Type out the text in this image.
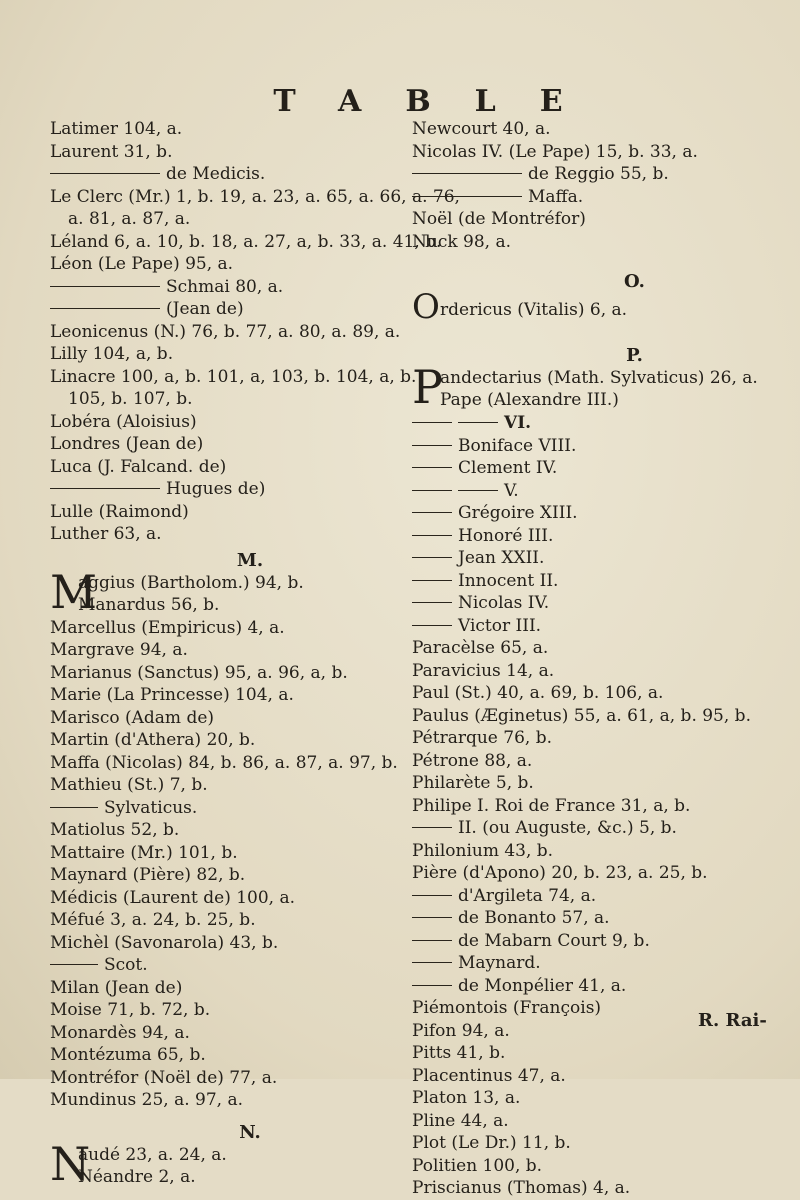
TABLE
Latimer 104, a.
Laurent 31, b.
de Medicis.
Le Clerc (Mr.) 1, b. 19, a. 23, a. 65, a. 66, a. 76,
a. 81, a. 87, a.
Léland 6, a. 10, b. 18, a. 27, a, b. 33, a. 41, b.
Léon (Le Pape) 95, a.
Schmai 80, a.
(Jean de)
Leonicenus (N.) 76, b. 77, a. 80, a. 89, a.
Lilly 104, a, b.
Linacre 100, a, b. 101, a, 103, b. 104, a, b.
105, b. 107, b.
Lobéra (Aloisius)
Londres (Jean de)
Luca (J. Falcand. de)
Hugues de)
Lulle (Raimond)
Luther 63, a.
M.
M
aggius (Bartholom.) 94, b.
Manardus 56, b.
Marcellus (Empiricus) 4, a.
Margrave 94, a.
Marianus (Sanctus) 95, a. 96, a, b.
Marie (La Princesse) 104, a.
Marisco (Adam de)
Martin (d'Athera) 20, b.
Maffa (Nicolas) 84, b. 86, a. 87, a. 97, b.
Mathieu (St.) 7, b.
Sylvaticus.
Matiolus 52, b.
Mattaire (Mr.) 101, b.
Maynard (Pière) 82, b.
Médicis (Laurent de) 100, a.
Méfué 3, a. 24, b. 25, b.
Michèl (Savonarola) 43, b.
Scot.
Milan (Jean de)
Moise 71, b. 72, b.
Monardès 94, a.
Montézuma 65, b.
Montréfor (Noël de) 77, a.
Mundinus 25, a. 97, a.
N.
N
audé 23, a. 24, a.
Néandre 2, a.
Newcourt 40, a.
Nicolas IV. (Le Pape) 15, b. 33, a.
de Reggio 55, b.
Maffa.
Noël (de Montréfor)
Nuck 98, a.
O.
O rdericus (Vitalis) 6, a.
P.
P
andectarius (Math. Sylvaticus) 26, a.
Pape (Alexandre III.)
VI.
Boniface VIII.
Clement IV.
V.
Grégoire XIII.
Honoré III.
Jean XXII.
Innocent II.
Nicolas IV.
Victor III.
Paracèlse 65, a.
Paravicius 14, a.
Paul (St.) 40, a. 69, b. 106, a.
Paulus (Æginetus) 55, a. 61, a, b. 95, b.
Pétrarque 76, b.
Pétrone 88, a.
Philarète 5, b.
Philipe I. Roi de France 31, a, b.
II. (ou Auguste, &c.) 5, b.
Philonium 43, b.
Pière (d'Apono) 20, b. 23, a. 25, b.
d'Argileta 74, a.
de Bonanto 57, a.
de Mabarn Court 9, b.
Maynard.
de Monpélier 41, a.
Piémontois (François)
Pifon 94, a.
Pitts 41, b.
Placentinus 47, a.
Platon 13, a.
Pline 44, a.
Plot (Le Dr.) 11, b.
Politien 100, b.
Priscianus (Thomas) 4, a.
R. Rai-
